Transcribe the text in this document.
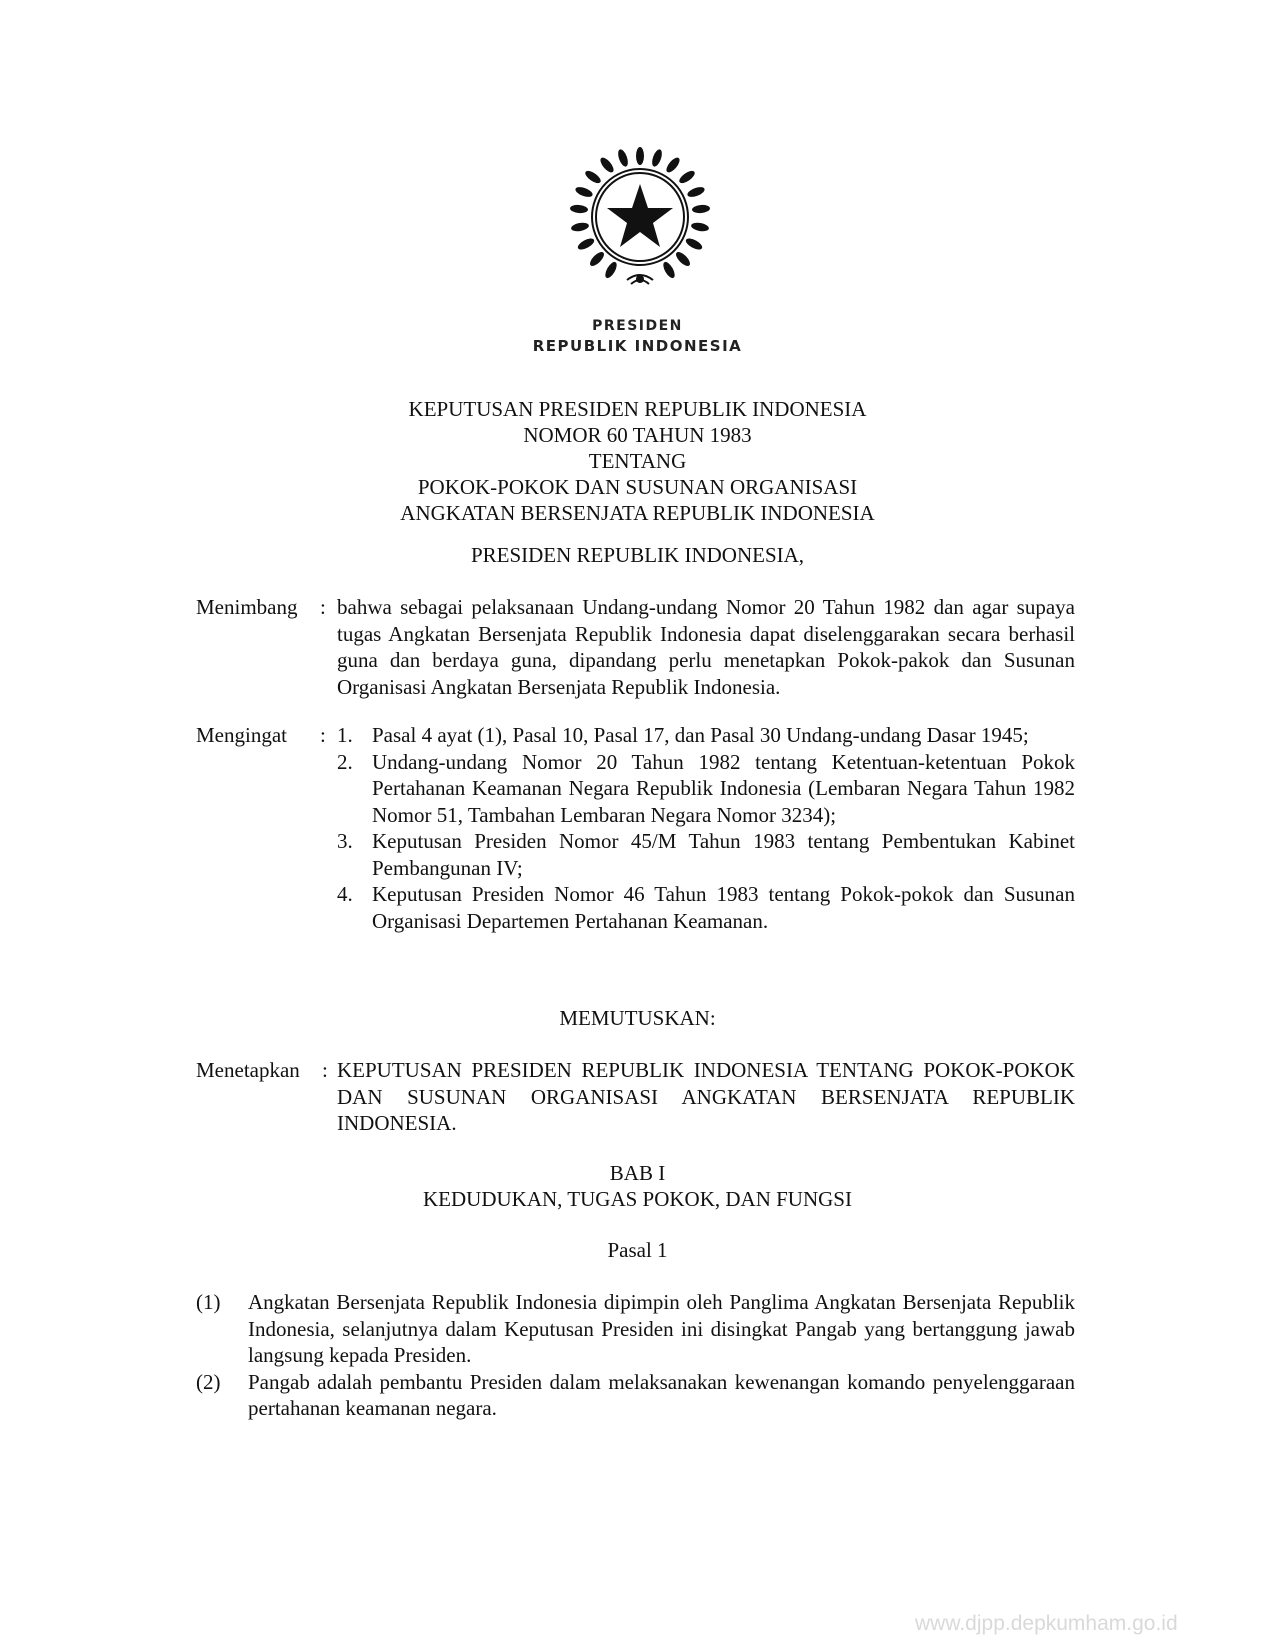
PRESIDEN
REPUBLIK INDONESIA
KEPUTUSAN PRESIDEN REPUBLIK INDONESIA
NOMOR 60 TAHUN 1983
TENTANG
POKOK-POKOK DAN SUSUNAN ORGANISASI
ANGKATAN BERSENJATA REPUBLIK INDONESIA
PRESIDEN REPUBLIK INDONESIA,
Menimbang	: bahwa sebagai pelaksanaan Undang-undang Nomor 20 Tahun 1982 dan agar supaya tugas Angkatan Bersenjata Republik Indonesia dapat diselenggarakan secara berhasil guna dan berdaya guna, dipandang perlu menetapkan Pokok-pakok dan Susunan Organisasi Angkatan Bersenjata Republik Indonesia.

Mengingat	: 1. Pasal 4 ayat (1), Pasal 10, Pasal 17, dan Pasal 30 Undang-undang Dasar 1945;
2. Undang-undang Nomor 20 Tahun 1982 tentang Ketentuan-ketentuan Pokok Pertahanan Keamanan Negara Republik Indonesia (Lembaran Negara Tahun 1982 Nomor 51, Tambahan Lembaran Negara Nomor 3234);
3. Keputusan Presiden Nomor 45/M Tahun 1983 tentang Pembentukan Kabinet Pembangunan IV;
4. Keputusan Presiden Nomor 46 Tahun 1983 tentang Pokok-pokok dan Susunan Organisasi Departemen Pertahanan Keamanan.
MEMUTUSKAN:
Menetapkan	: KEPUTUSAN PRESIDEN REPUBLIK INDONESIA TENTANG POKOK-POKOK DAN SUSUNAN ORGANISASI ANGKATAN BERSENJATA REPUBLIK INDONESIA.

BAB I
KEDUDUKAN, TUGAS POKOK, DAN FUNGSI
Pasal 1
(1) Angkatan Bersenjata Republik Indonesia dipimpin oleh Panglima Angkatan Bersenjata Republik Indonesia, selanjutnya dalam Keputusan Presiden ini disingkat Pangab yang bertanggung jawab langsung kepada Presiden.
(2) Pangab adalah pembantu Presiden dalam melaksanakan kewenangan komando penyelenggaraan pertahanan keamanan negara.
www.djpp.depkumham.go.id
